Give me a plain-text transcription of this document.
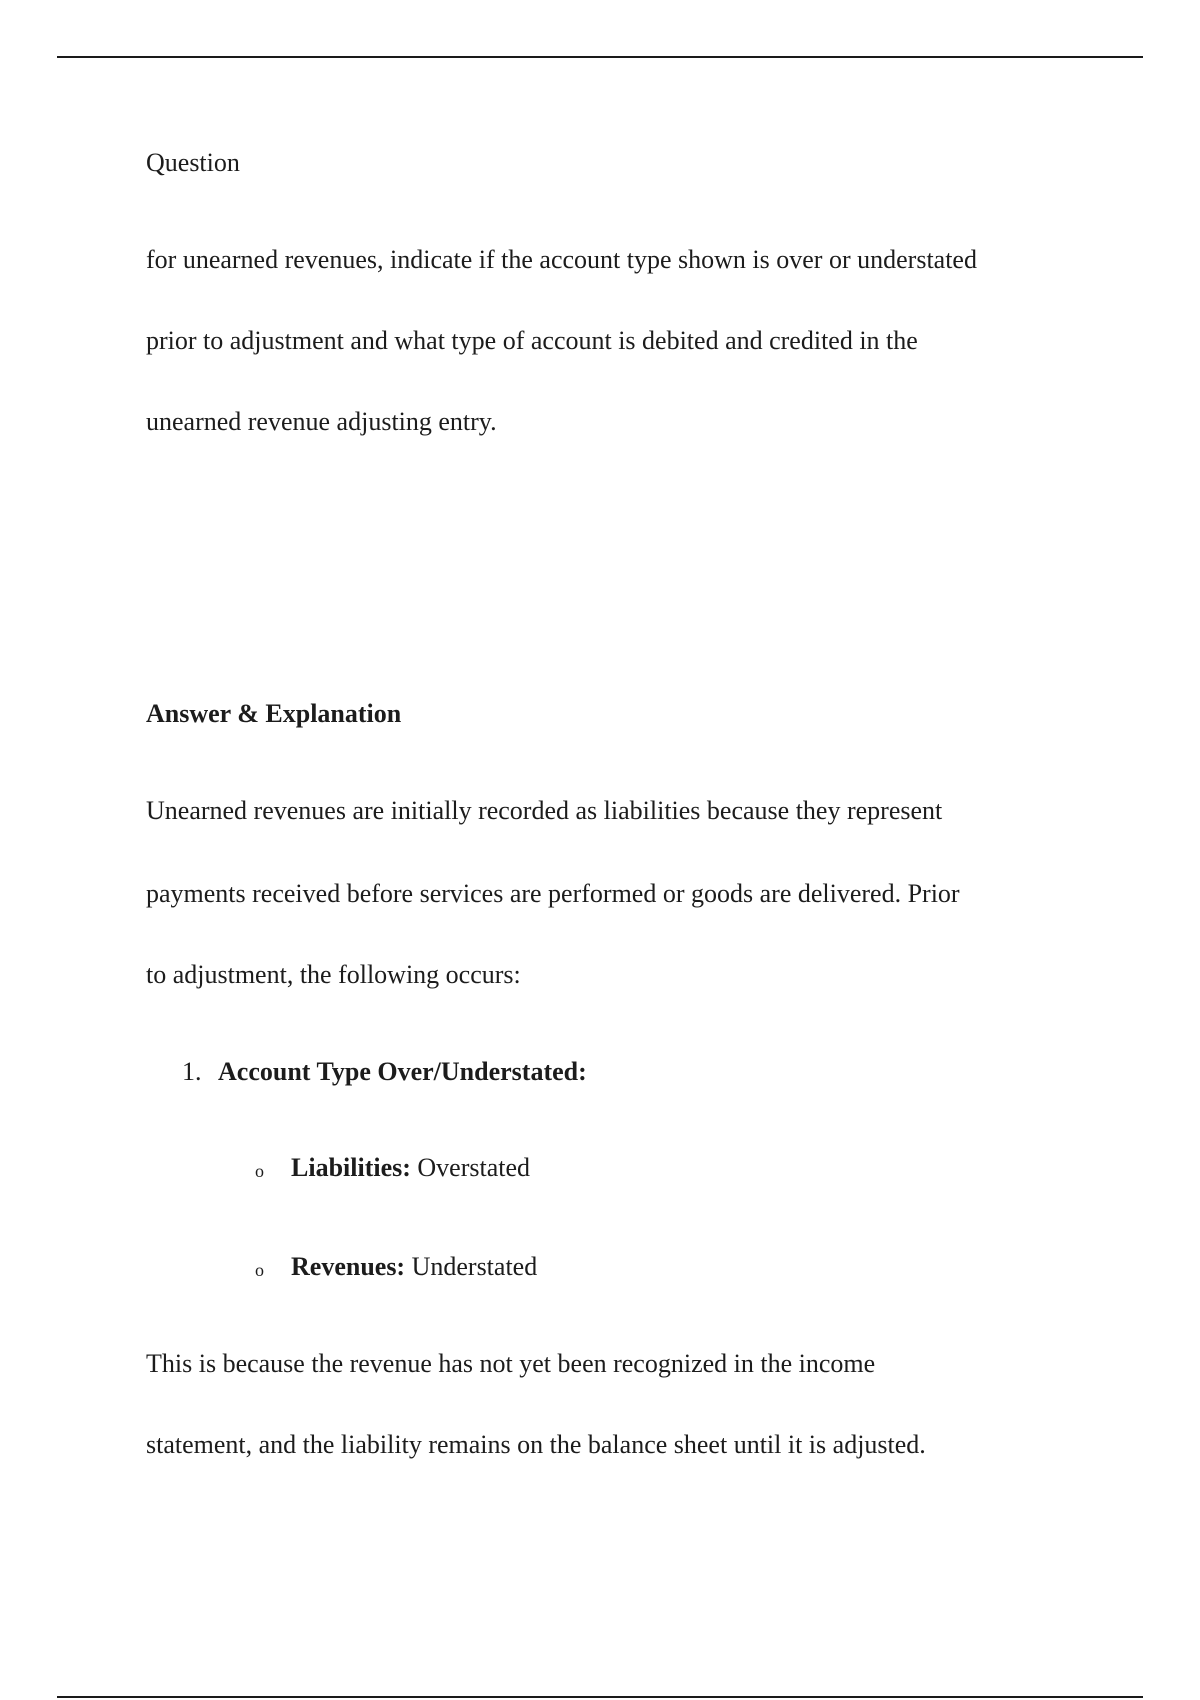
Question
for unearned revenues, indicate if the account type shown is over or understated
prior to adjustment and what type of account is debited and credited in the
unearned revenue adjusting entry.
Answer & Explanation
Unearned revenues are initially recorded as liabilities because they represent
payments received before services are performed or goods are delivered. Prior
to adjustment, the following occurs:
1. Account Type Over/Understated:
o Liabilities: Overstated
o Revenues: Understated
This is because the revenue has not yet been recognized in the income
statement, and the liability remains on the balance sheet until it is adjusted.
